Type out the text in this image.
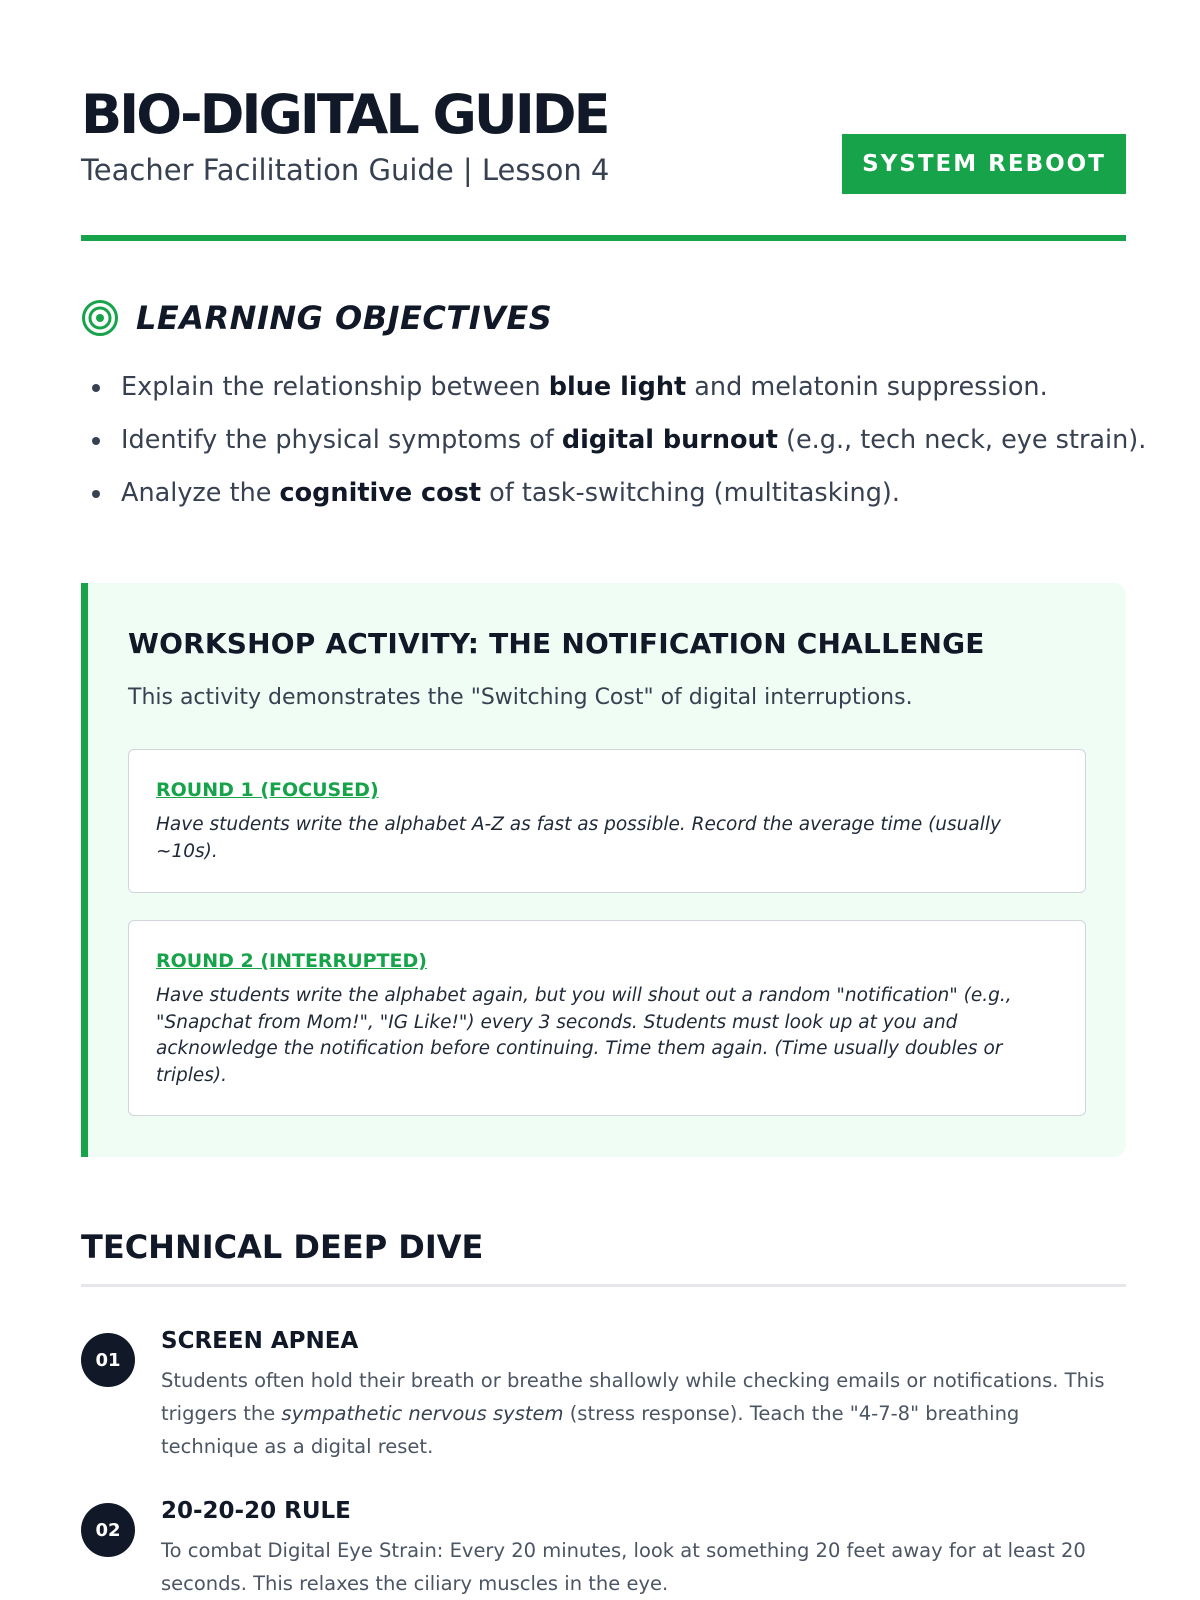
BIO-DIGITAL GUIDE
Teacher Facilitation Guide | Lesson 4	SYSTEM REBOOT
LEARNING OBJECTIVES
Explain the relationship between blue light and melatonin suppression.
Identify the physical symptoms of digital burnout (e.g., tech neck, eye strain).
Analyze the cognitive cost of task-switching (multitasking).
WORKSHOP ACTIVITY: THE NOTIFICATION CHALLENGE
This activity demonstrates the "Switching Cost" of digital interruptions.
ROUND 1 (FOCUSED)
Have students write the alphabet A-Z as fast as possible. Record the average time (usually ~10s).
ROUND 2 (INTERRUPTED)
Have students write the alphabet again, but you will shout out a random "notification" (e.g., "Snapchat from Mom!", "IG Like!") every 3 seconds. Students must look up at you and acknowledge the notification before continuing. Time them again. (Time usually doubles or triples).
TECHNICAL DEEP DIVE
01
SCREEN APNEA
Students often hold their breath or breathe shallowly while checking emails or notifications. This triggers the sympathetic nervous system (stress response). Teach the "4-7-8" breathing technique as a digital reset.
02
20-20-20 RULE
To combat Digital Eye Strain: Every 20 minutes, look at something 20 feet away for at least 20 seconds. This relaxes the ciliary muscles in the eye.
